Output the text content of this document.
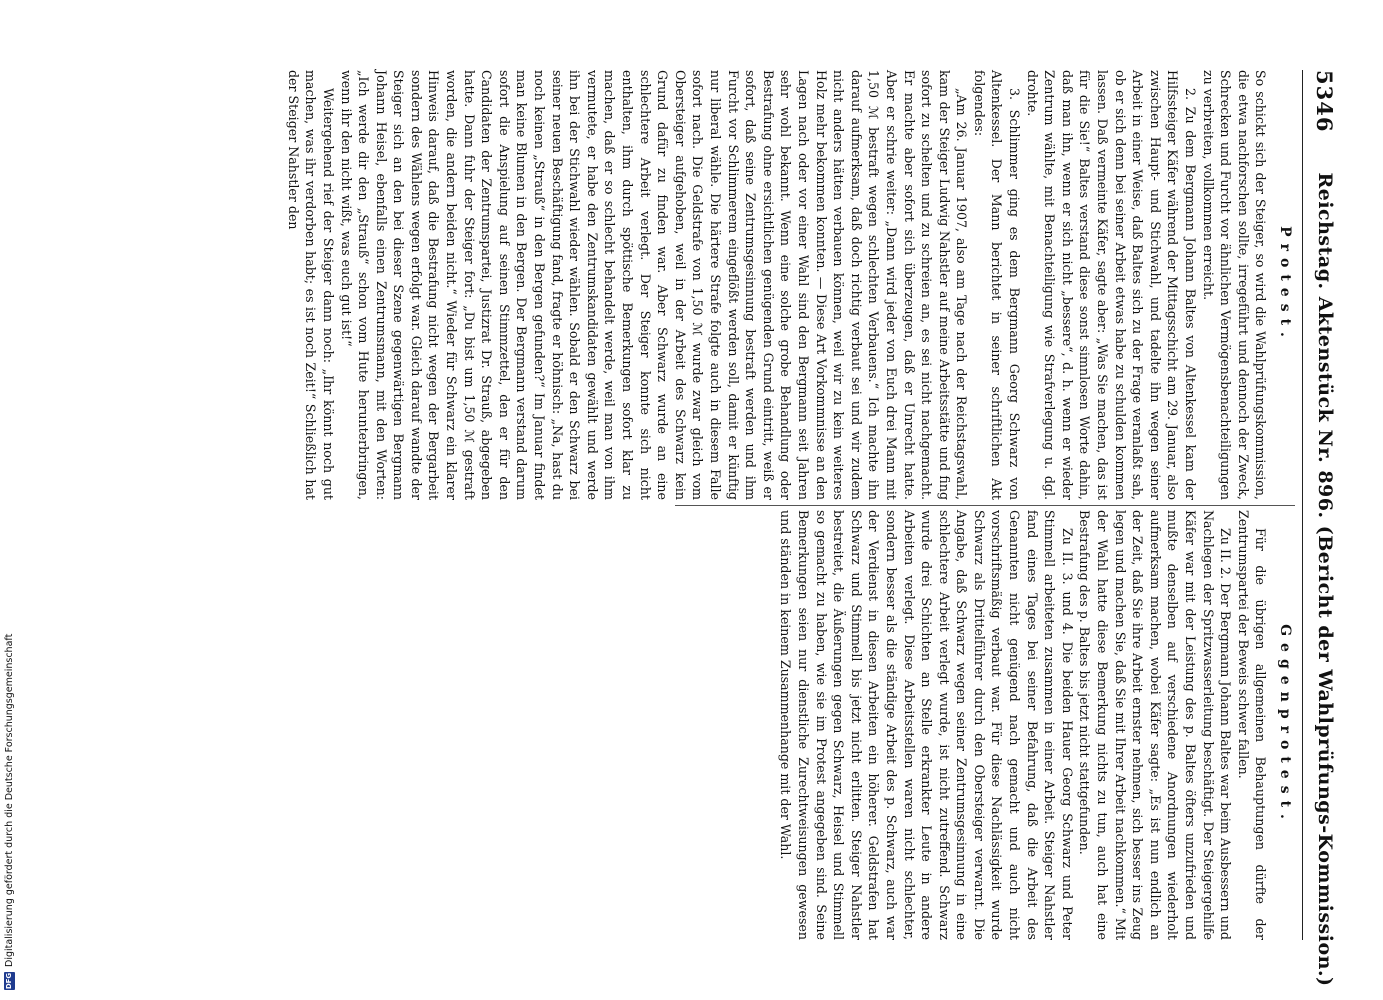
5346
Reichstag. Aktenstück Nr. 896. (Bericht der Wahlprüfungs-Kommission.)
Protest.

So schickt sich der Steiger, so wird die Wahlprüfungskommission, die etwa nachforschen sollte, irregeführt und dennoch der Zweck, Schrecken und Furcht vor ähnlichen Vermögensbenachteiligungen zu verbreiten, vollkommen erreicht.

2. Zu dem Bergmann Johann Baltes von Altenkessel kam der Hilfssteiger Käfer während der Mittagsschicht am 29. Januar, also zwischen Haupt- und Stichwahl, und tadelte ihn wegen seiner Arbeit in einer Weise, daß Baltes sich zu der Frage veranlaßt sah, ob er sich denn bei seiner Arbeit etwas habe zu schulden kommen lassen. Daß vermeinte Käfer, sagte aber: „Was Sie machen, das ist für die Sie!“ Baltes verstand diese sonst simnlosen Worte dahin, daß man ihn, wenn er sich nicht „bessere“, d. h. wenn er wieder Zentrum wählte, mit Benachteiligung wie Strafverlegung u. dgl. drohte.

3. Schlimmer ging es dem Bergmann Georg Schwarz von Altenkessel. Der Mann berichtet in seiner schriftlichen Akt folgendes:

„Am 26. Januar 1907, also am Tage nach der Reichstagswahl, kam der Steiger Ludwig Nahstler auf meine Arbeitsstätte und fing sofort zu schelten und zu schreien an, es sei nicht nachgemacht. Er machte aber sofort sich überzeugen, daß er Unrecht hatte. Aber er schrie weiter: „Dann wird jeder von Euch drei Mann mit 1,50 ℳ bestraft wegen schlechten Verbauens.“ Ich machte ihn darauf aufmerksam, daß doch richtig verbaut sei und wir zudem nicht anders hätten verbauen können, weil wir zu kein weiteres Holz mehr bekommen konnten. — Diese Art Vorkommnisse an den Lagen nach oder vor einer Wahl sind den Bergmann seit Jahren sehr wohl bekannt. Wenn eine solche grobe Behandlung oder Bestrafung ohne ersichtlichen genügenden Grund eintritt, weiß er sofort, daß seine Zentrumsgesinnung bestraft werden und ihm Furcht vor Schlimmerem eingeflößt werden soll, damit er künftig nur liberal wähle. Die härtere Strafe folgte auch in diesem Falle sofort nach. Die Geldstrafe von 1,50 ℳ wurde zwar gleich vom Obersteiger aufgehoben, weil in der Arbeit des Schwarz kein Grund dafür zu finden war. Aber Schwarz wurde an eine schlechtere Arbeit verlegt. Der Steiger konnte sich nicht enthalten, ihm durch spöttische Bemerkungen sofort klar zu machen, daß er so schlecht behandelt werde, weil man von ihm vermutete, er habe den Zentrumskandidaten gewählt und werde ihn bei der Stichwahl wieder wählen. Sobald er den Schwarz bei seiner neuen Beschäftigung fand, fragte er höhnisch: „Na, hast du noch keinen „Strauß“ in den Bergen gefunden?“ Im Januar findet man keine Blumen in den Bergen. Der Bergmann verstand darum sofort die Anspielung auf seinen Stimmzettel, den er für den Candidaten der Zentrumspartei, Justizrat Dr. Strauß, abgegeben hatte. Dann fuhr der Steiger fort: „Du bist um 1,50 ℳ gestraft worden, die andern beiden nicht.“ Wieder für Schwarz ein klarer Hinweis darauf, daß die Bestrafung nicht wegen der Bergarbeit sondern des Wählens wegen erfolgt war. Gleich darauf wandte der Steiger sich an den bei dieser Szene gegenwärtigen Bergmann Johann Heisel, ebenfalls einen Zentrumsmann, mit den Worten: „Ich werde dir den „Strauß“ schon vom Hute herunterbringen, wenn ihr den nicht wißt, was euch gut ist!“

Weitergehend rief der Steiger dann noch: „Ihr könnt noch gut machen, was ihr verdorben habt; es ist noch Zeit!“ Schließlich hat der Steiger Nahstler den

Gegenprotest.

Für die übrigen allgemeinen Behauptungen dürfte der Zentrumspartei der Beweis schwer fallen.

Zu II. 2. Der Bergmann Johann Baltes war beim Ausbessern und Nachlegen der Spritzwasserleitung beschäftigt. Der Steigergehilfe Käfer war mit der Leistung des p. Baltes öfters unzufrieden und mußte denselben auf verschiedene Anordnungen wiederholt aufmerksam machen, wobei Käfer sagte: „Es ist nun endlich an der Zeit, daß Sie ihre Arbeit ernster nehmen, sich besser ins Zeug legen und machen Sie, daß Sie mit Ihrer Arbeit nachkommen.“ Mit der Wahl hatte diese Bemerkung nichts zu tun, auch hat eine Bestrafung des p. Baltes bis jetzt nicht stattgefunden.

Zu II. 3. und 4. Die beiden Hauer Georg Schwarz und Peter Stimmell arbeiteten zusammen in einer Arbeit. Steiger Nahstler fand eines Tages bei seiner Befahrung, daß die Arbeit des Genannten nicht genügend nach gemacht und auch nicht vorschriftsmäßig verbaut war. Für diese Nachlässigkeit wurde Schwarz als Drittelführer durch den Obersteiger verwarnt. Die Angabe, daß Schwarz wegen seiner Zentrumsgesinnung in eine schlechtere Arbeit verlegt wurde, ist nicht zutreffend. Schwarz wurde drei Schichten an Stelle erkrankter Leute in andere Arbeiten verlegt. Diese Arbeitsstellen waren nicht schlechter, sondern besser als die ständige Arbeit des p. Schwarz, auch war der Verdienst in diesen Arbeiten ein höherer. Geldstrafen hat Schwarz und Stimmell bis jetzt nicht erlitten. Steiger Nahstler bestreitet, die Äußerungen gegen Schwarz, Heisel und Stimmell so gemacht zu haben, wie sie im Protest angegeben sind. Seine Bemerkungen seien nur dienstliche Zurechtweisungen gewesen und ständen in keinem Zusammenhange mit der Wahl.

DFG
Digitalisierung gefördert durch die Deutsche Forschungsgemeinschaft
